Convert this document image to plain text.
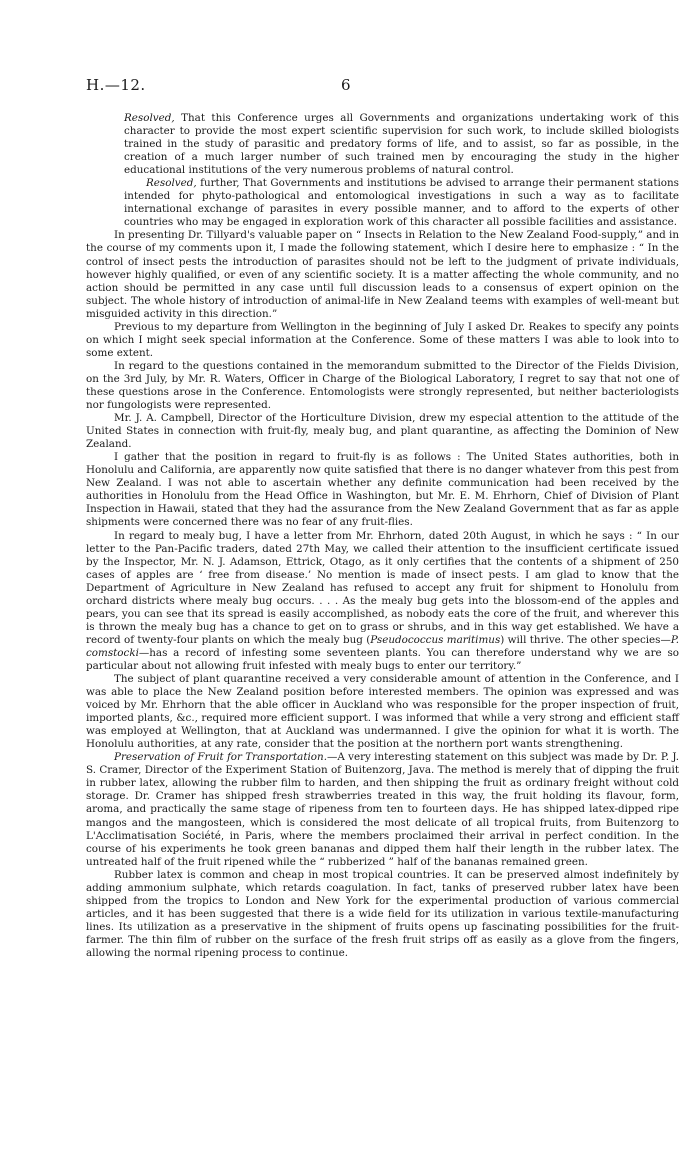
H.—12.	6

Resolved, That this Conference urges all Governments and organizations undertaking work of this character to provide the most expert scientific supervision for such work, to include skilled biologists trained in the study of parasitic and predatory forms of life, and to assist, so far as possible, in the creation of a much larger number of such trained men by encouraging the study in the higher educational institutions of the very numerous problems of natural control.

Resolved, further, That Governments and institutions be advised to arrange their permanent stations intended for phyto-pathological and entomological investigations in such a way as to facilitate international exchange of parasites in every possible manner, and to afford to the experts of other countries who may be engaged in exploration work of this character all possible facilities and assistance.

In presenting Dr. Tillyard's valuable paper on “ Insects in Relation to the New Zealand Food-supply,” and in the course of my comments upon it, I made the following statement, which I desire here to emphasize : “ In the control of insect pests the introduction of parasites should not be left to the judgment of private individuals, however highly qualified, or even of any scientific society. It is a matter affecting the whole community, and no action should be permitted in any case until full discussion leads to a consensus of expert opinion on the subject. The whole history of introduction of animal-life in New Zealand teems with examples of well-meant but misguided activity in this direction.”

Previous to my departure from Wellington in the beginning of July I asked Dr. Reakes to specify any points on which I might seek special information at the Conference. Some of these matters I was able to look into to some extent.

In regard to the questions contained in the memorandum submitted to the Director of the Fields Division, on the 3rd July, by Mr. R. Waters, Officer in Charge of the Biological Laboratory, I regret to say that not one of these questions arose in the Conference. Entomologists were strongly represented, but neither bacteriologists nor fungologists were represented.

Mr. J. A. Campbell, Director of the Horticulture Division, drew my especial attention to the attitude of the United States in connection with fruit-fly, mealy bug, and plant quarantine, as affecting the Dominion of New Zealand.

I gather that the position in regard to fruit-fly is as follows : The United States authorities, both in Honolulu and California, are apparently now quite satisfied that there is no danger whatever from this pest from New Zealand. I was not able to ascertain whether any definite communication had been received by the authorities in Honolulu from the Head Office in Washington, but Mr. E. M. Ehrhorn, Chief of Division of Plant Inspection in Hawaii, stated that they had the assurance from the New Zealand Government that as far as apple shipments were concerned there was no fear of any fruit-flies.

In regard to mealy bug, I have a letter from Mr. Ehrhorn, dated 20th August, in which he says : “ In our letter to the Pan-Pacific traders, dated 27th May, we called their attention to the insufficient certificate issued by the Inspector, Mr. N. J. Adamson, Ettrick, Otago, as it only certifies that the contents of a shipment of 250 cases of apples are ‘ free from disease.’ No mention is made of insect pests. I am glad to know that the Department of Agriculture in New Zealand has refused to accept any fruit for shipment to Honolulu from orchard districts where mealy bug occurs. . . . As the mealy bug gets into the blossom-end of the apples and pears, you can see that its spread is easily accomplished, as nobody eats the core of the fruit, and wherever this is thrown the mealy bug has a chance to get on to grass or shrubs, and in this way get established. We have a record of twenty-four plants on which the mealy bug (Pseudococcus maritimus) will thrive. The other species—P. comstocki—has a record of infesting some seventeen plants. You can therefore understand why we are so particular about not allowing fruit infested with mealy bugs to enter our territory.”

The subject of plant quarantine received a very considerable amount of attention in the Conference, and I was able to place the New Zealand position before interested members. The opinion was expressed and was voiced by Mr. Ehrhorn that the able officer in Auckland who was responsible for the proper inspection of fruit, imported plants, &c., required more efficient support. I was informed that while a very strong and efficient staff was employed at Wellington, that at Auckland was undermanned. I give the opinion for what it is worth. The Honolulu authorities, at any rate, consider that the position at the northern port wants strengthening.

Preservation of Fruit for Transportation.—A very interesting statement on this subject was made by Dr. P. J. S. Cramer, Director of the Experiment Station of Buitenzorg, Java. The method is merely that of dipping the fruit in rubber latex, allowing the rubber film to harden, and then shipping the fruit as ordinary freight without cold storage. Dr. Cramer has shipped fresh strawberries treated in this way, the fruit holding its flavour, form, aroma, and practically the same stage of ripeness from ten to fourteen days. He has shipped latex-dipped ripe mangos and the mangosteen, which is considered the most delicate of all tropical fruits, from Buitenzorg to L'Acclimatisation Société, in Paris, where the members proclaimed their arrival in perfect condition. In the course of his experiments he took green bananas and dipped them half their length in the rubber latex. The untreated half of the fruit ripened while the “ rubberized ” half of the bananas remained green.

Rubber latex is common and cheap in most tropical countries. It can be preserved almost indefinitely by adding ammonium sulphate, which retards coagulation. In fact, tanks of preserved rubber latex have been shipped from the tropics to London and New York for the experimental production of various commercial articles, and it has been suggested that there is a wide field for its utilization in various textile-manufacturing lines. Its utilization as a preservative in the shipment of fruits opens up fascinating possibilities for the fruit-farmer. The thin film of rubber on the surface of the fresh fruit strips off as easily as a glove from the fingers, allowing the normal ripening process to continue.
